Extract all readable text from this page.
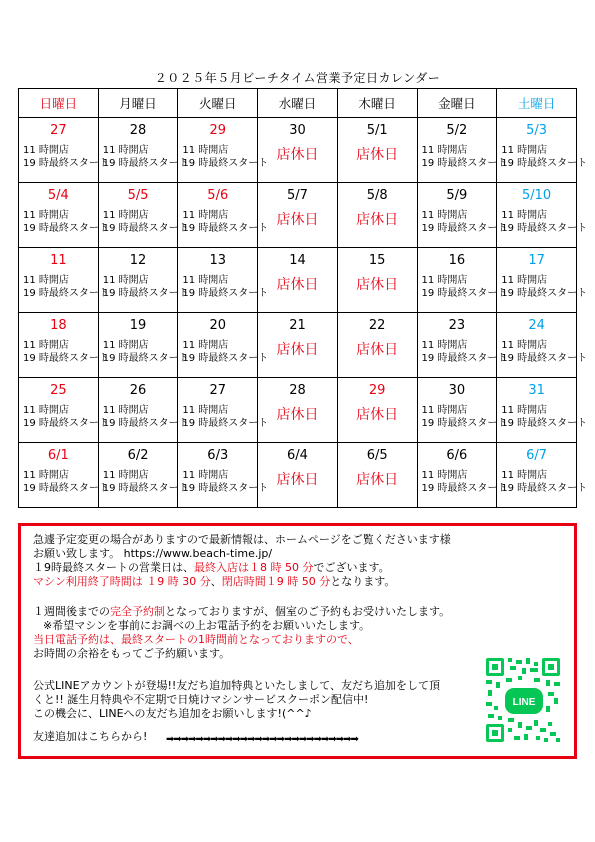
２０２５年５月ビーチタイム営業予定日カレンダー
日曜日	月曜日	火曜日	水曜日	木曜日	金曜日	土曜日

27
11 時開店
19 時最終スタート	28
11 時開店
19 時最終スタート	29
11 時開店
19 時最終スタート	30
店休日	5/1
店休日	5/2
11 時開店
19 時最終スタート	5/3
11 時開店
19 時最終スタート

5/4
11 時開店
19 時最終スタート	5/5
11 時開店
19 時最終スタート	5/6
11 時開店
19 時最終スタート	5/7
店休日	5/8
店休日	5/9
11 時開店
19 時最終スタート	5/10
11 時開店
19 時最終スタート

11
11 時開店
19 時最終スタート	12
11 時開店
19 時最終スタート	13
11 時開店
19 時最終スタート	14
店休日	15
店休日	16
11 時開店
19 時最終スタート	17
11 時開店
19 時最終スタート

18
11 時開店
19 時最終スタート	19
11 時開店
19 時最終スタート	20
11 時開店
19 時最終スタート	21
店休日	22
店休日	23
11 時開店
19 時最終スタート	24
11 時開店
19 時最終スタート

25
11 時開店
19 時最終スタート	26
11 時開店
19 時最終スタート	27
11 時開店
19 時最終スタート	28
店休日	29
店休日	30
11 時開店
19 時最終スタート	31
11 時開店
19 時最終スタート

6/1
11 時開店
19 時最終スタート	6/2
11 時開店
19 時最終スタート	6/3
11 時開店
19 時最終スタート	6/4
店休日	6/5
店休日	6/6
11 時開店
19 時最終スタート	6/7
11 時開店
19 時最終スタート
急遽予定変更の場合がありますので最新情報は、ホームページをご覧くださいます様
お願い致します。 https://www.beach-time.jp/
１9時最終スタートの営業日は、最終入店は１8 時 50 分でございます。
マシン利用終了時間は １9 時 30 分、閉店時間１9 時 50 分となります。
１週間後までの完全予約制となっておりますが、個室のご予約もお受けいたします。
※希望マシンを事前にお調べの上お電話予約をお願いいたします。
当日電話予約は、最終スタートの1時間前となっておりますので、
お時間の余裕をもってご予約願います。
公式LINEアカウントが登場!!友だち追加特典といたしまして、友だち追加をして頂
くと!! 誕生月特典や不定期で日焼けマシンサービスクーポン配信中!
この機会に、LINEへの友だち追加をお願いします!(^^♪
友達追加はこちらから! ➡➡➡➡➡➡➡➡➡➡➡➡➡➡➡➡➡➡➡➡➡➡➡➡➡➡
LINE
